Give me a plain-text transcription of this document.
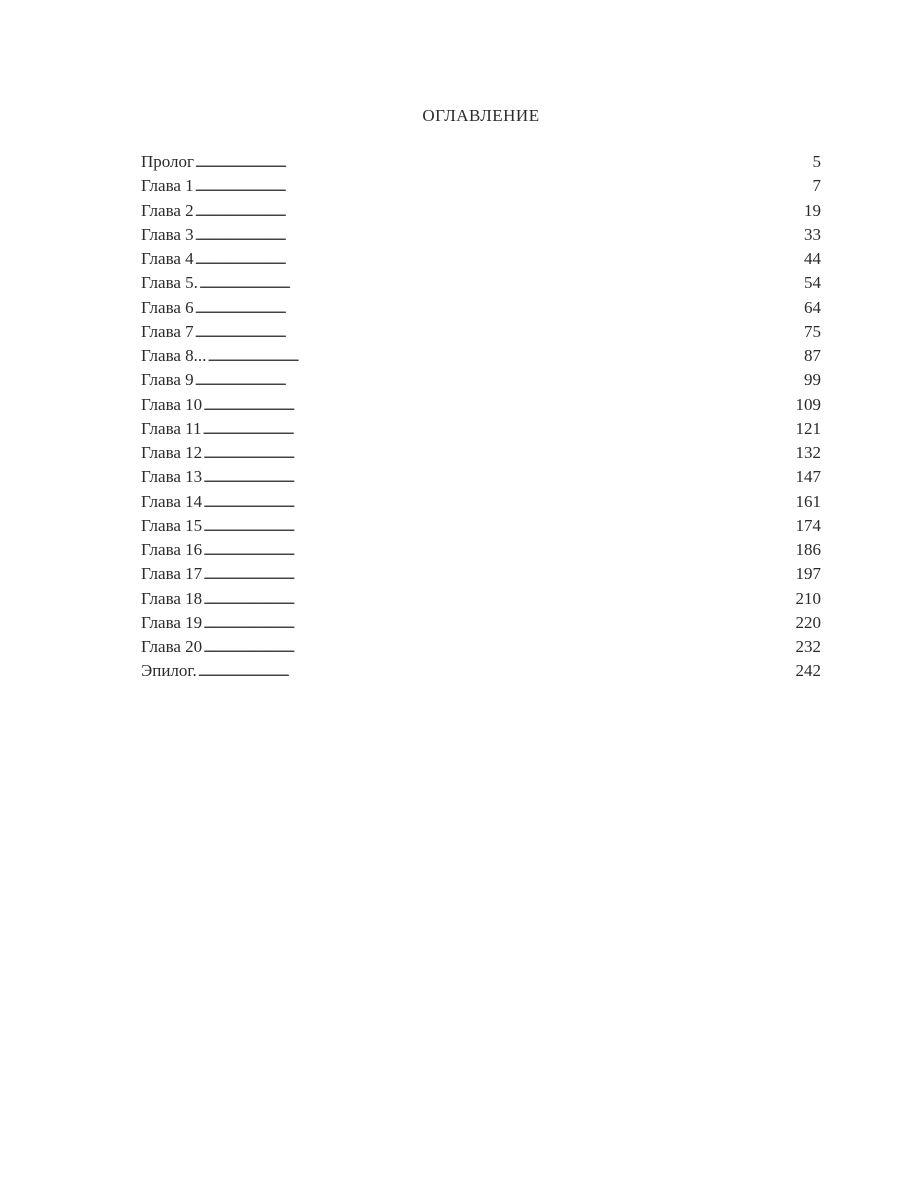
ОГЛАВЛЕНИЕ
Пролог . . .	5
Глава 1 . . .	7
Глава 2 . . .	19
Глава 3 . . .	33
Глава 4 . . .	44
Глава 5. . . .	54
Глава 6 . . .	64
Глава 7 . . .	75
Глава 8... . . .	87
Глава 9 . . .	99
Глава 10 . . .	109
Глава 11 . . .	121
Глава 12 . . .	132
Глава 13 . . .	147
Глава 14 . . .	161
Глава 15 . . .	174
Глава 16 . . .	186
Глава 17 . . .	197
Глава 18 . . .	210
Глава 19 . . .	220
Глава 20 . . .	232
Эпилог. . . .	242
